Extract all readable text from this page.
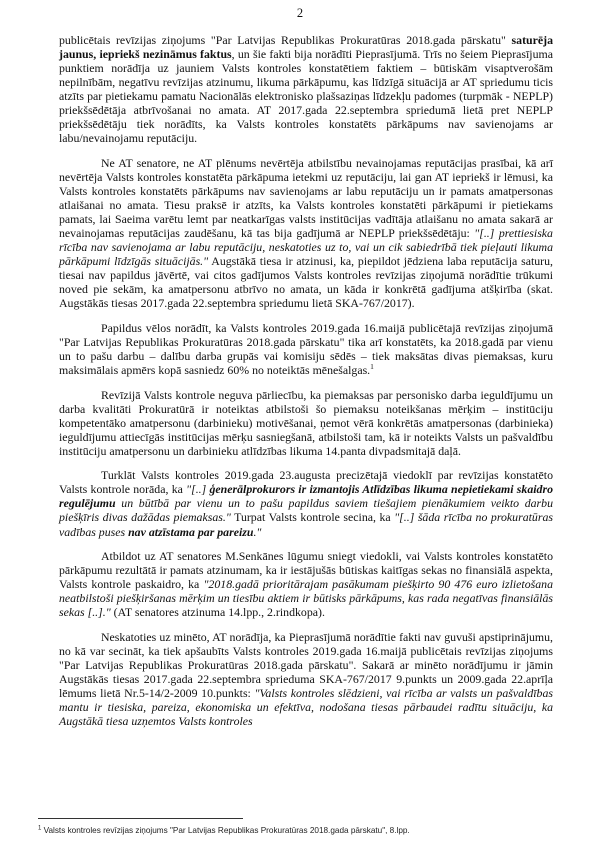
2

publicētais revīzijas ziņojums "Par Latvijas Republikas Prokuratūras 2018.gada pārskatu" saturēja jaunus, iepriekš nezināmus faktus, un šie fakti bija norādīti Pieprasījumā. Trīs no šeiem Pieprasījuma punktiem norādīja uz jauniem Valsts kontroles konstatētiem faktiem – būtiskām visaptverošām nepilnībām, negatīvu revīzijas atzinumu, likuma pārkāpumu, kas līdzīgā situācijā ar AT spriedumu ticis atzīts par pietiekamu pamatu Nacionālās elektroniskо plašsaziņas līdzekļu padomes (turpmāk - NEPLP) priekšsēdētāja atbrīvošanai no amata. AT 2017.gada 22.septembra spriedumā lietā pret NEPLP priekšsēdētāju tiek norādīts, ka Valsts kontroles konstatēts pārkāpums nav savienojams ar labu/nevainojamu reputāciju.

Ne AT senatore, ne AT plēnums nevērtēja atbilstību nevainojamas reputācijas prasībai, kā arī nevērtēja Valsts kontroles konstatēta pārkāpuma ietekmi uz reputāciju, lai gan AT iepriekš ir lēmusi, ka Valsts kontroles konstatēts pārkāpums nav savienojams ar labu reputāciju un ir pamats amatpersonas atlaišanai no amata. Tiesu praksē ir atzīts, ka Valsts kontroles konstatēti pārkāpumi ir pietiekams pamats, lai Saeima varētu lemt par neatkarīgas valsts institūcijas vadītāja atlaišanu no amata sakarā ar nevainojamas reputācijas zaudēšanu, kā tas bija gadījumā ar NEPLP priekšsēdētāju: "[..] prettiesiska rīcība nav savienojama ar labu reputāciju, neskatoties uz to, vai un cik sabiedrībā tiek pieļauti likuma pārkāpumi līdzīgās situācijās." Augstākā tiesa ir atzinusi, ka, piepildot jēdziena laba reputācija saturu, tiesai nav papildus jāvērtē, vai citos gadījumos Valsts kontroles revīzijas ziņojumā norādītie trūkumi noved pie sekām, ka amatpersonu atbrīvo no amata, un kāda ir konkrētā gadījuma atšķirība (skat. Augstākās tiesas 2017.gada 22.septembra spriedumu lietā SKA-767/2017).

Papildus vēlos norādīt, ka Valsts kontroles 2019.gada 16.maijā publicētajā revīzijas ziņojumā "Par Latvijas Republikas Prokuratūras 2018.gada pārskatu" tika arī konstatēts, ka 2018.gadā par vienu un to pašu darbu – dalību darba grupās vai komisiju sēdēs – tiek maksātas divas piemaksas, kuru maksimālais apmērs kopā sasniedz 60% no noteiktās mēnešalgas.$^1$

Revīzijā Valsts kontrole neguva pārliecību, ka piemaksas par personisko darba ieguldījumu un darba kvalitāti Prokuratūrā ir noteiktas atbilstoši šo piemaksu noteikšanas mērķim – institūciju kompetentāko amatpersonu (darbinieku) motivēšanai, ņemot vērā konkrētās amatpersonas (darbinieka) ieguldījumu attiecīgās institūcijas mērķu sasniegšanā, atbilstoši tam, kā ir noteikts Valsts un pašvaldību institūciju amatpersonu un darbinieku atlīdzības likuma 14.panta divpadsmitajā daļā.

Turklāt Valsts kontroles 2019.gada 23.augusta precizētajā viedoklī par revīzijas konstatēto Valsts kontrole norāda, ka "[..] ģenerālprokurors ir izmantojis Atlīdzības likuma nepietiekami skaidro regulējumu un būtībā par vienu un to pašu papildus saviem tiešajiem pienākumiem veikto darbu piešķīris divas dažādas piemaksas." Turpat Valsts kontrole secina, ka "[..] šāda rīcība no prokuratūras vadības puses nav atzīstama par pareizu."

Atbildot uz AT senatores M.Senkānes lūgumu sniegt viedokli, vai Valsts kontroles konstatēto pārkāpumu rezultātā ir pamats atzinumam, ka ir iestājušās būtiskas kaitīgas sekas no finansiālā aspekta, Valsts kontrole paskaidro, ka "2018.gadā prioritārajam pasākumam piešķirto 90 476 euro izlietošana neatbilstoši piešķiršanas mērķim un tiesību aktiem ir būtisks pārkāpums, kas rada negatīvas finansiālās sekas [..]." (AT senatores atzinuma 14.lpp., 2.rindkopa).

Neskatoties uz minēto, AT norādīja, ka Pieprasījumā norādītie fakti nav guvuši apstiprinājumu, no kā var secināt, ka tiek apšaubīts Valsts kontroles 2019.gada 16.maijā publicētais revīzijas ziņojums "Par Latvijas Republikas Prokuratūras 2018.gada pārskatu". Sakarā ar minēto norādījumu ir jāmin Augstākās tiesas 2017.gada 22.septembra spriedumа SKA-767/2017 9.punkts un 2009.gada 22.aprīļa lēmums lietā Nr.5-14/2-2009 10.punkts: "Valsts kontroles slēdzieni, vai rīcība ar valsts un pašvaldības mantu ir tiesiska, pareiza, ekonomiska un efektīva, nodošana tiesas pārbaudei radītu situāciju, ka Augstākā tiesa uzņemtos Valsts kontroles

$^1$ Valsts kontroles revīzijas ziņojums "Par Latvijas Republikas Prokuratūras 2018.gada pārskatu", 8.lpp.
